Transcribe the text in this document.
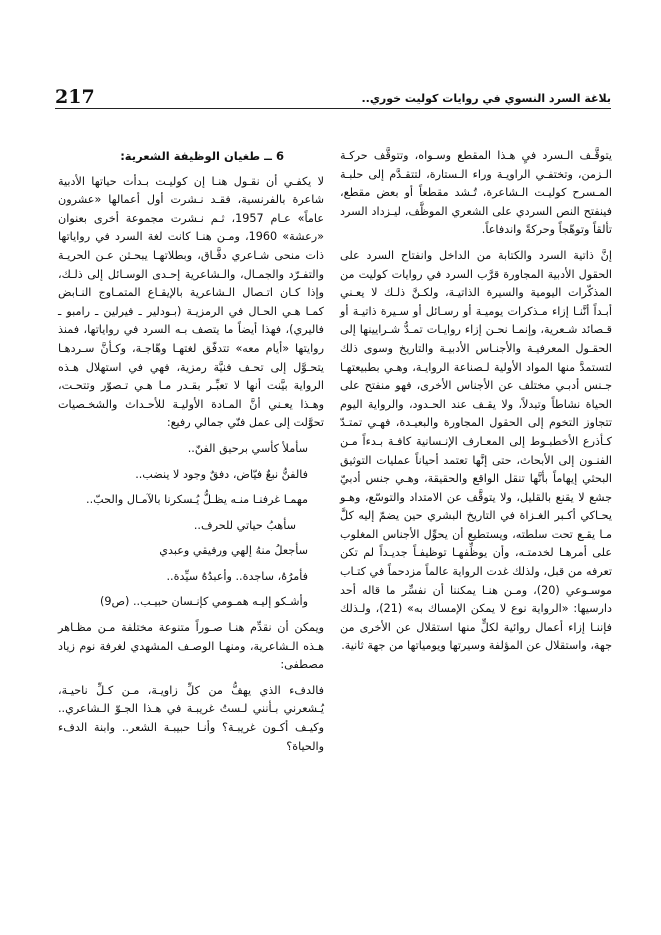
217	بلاغة السرد النسوي في روايات كوليت خوري..

يتوقَّـف الـسرد فيِ هـذا المقطع وسـواه، وتتوقَّف حركـة الـزمن، وتختفـي الراويـة وراء الـستارة، لتتقـدَّم إلى حلبـة المـسرح كوليـت الـشاعرة، تُـشد مقطعاً أو بعض مقطع، فينفتح النص السردي على الشعري الموظَّف، ليـزداد السرد تألقاً وتوهّجاً وحركةً واندفاعاً.

إنَّ ذاتية السرد والكتابة من الداخل وانفتاح السرد على الحقول الأدبية المجاورة قرَّب السرد في روايات كوليت من المذكّرات اليومية والسيرة الذاتيـة، ولكـنَّ ذلـك لا يعـني أبـداً أنَّنـا إزاء مـذكرات يوميـة أو رسـائل أو سـيرة ذاتيـة أو قـصائد شـعرية، وإنمـا نحـن إزاء روايـات تمـدُّ شـرايينها إلى الحقـول المعرفيـة والأجنـاس الأدبيـة والتاريخ وسوى ذلك لتستمدَّ منها المواد الأولية لـصناعة الروايـة، وهـي بطبيعتهـا جـنس أدبـي مختلف عن الأجناس الأخرى، فهو منفتح على الحياة نشاطاً وتبدلاً، ولا يقـف عند الحـدود، والرواية اليوم تتجاوز التخوم إلى الحقول المجاورة والبعيـدة، فهـي تمتـدّ كـأذرع الأخطبـوط إلى المعـارف الإنـسانية كافـة بـدءاً مـن الفنـون إلى الأبحاث، حتى إنَّها تعتمد أحياناً عمليات التوثيق البحثي إيهاماً بأنَّها تنقل الواقع والحقيقة، وهـي جنس أدبيّ جشع لا يقنع بالقليل، ولا يتوقَّف عن الامتداد والتوسّع، وهـو يحـاكي أكـبر الغـزاة في التاريخ البشري حين يضمّ إليه كلَّ مـا يقـع تحت سلطته، ويستطيع أن يحوِّل الأجناس المغلوب على أمرهـا لخدمتـه، وأن يوظِّفهـا توظيفـاً جديـداً لم تكن تعرفه من قبل، ولذلك غدت الرواية عالماً مزدحماً في كتـاب موسـوعي (20)، ومـن هنـا يمكننا أن نفسِّر ما قاله أحد دارسيها: «الرواية نوع لا يمكن الإمساك به» (21)، ولـذلك فإننـا إزاء أعمال روائية لكلٍّ منها استقلال عن الأخرى من جهة، واستقلال عن المؤلفة وسيرتها ويومياتها من جهة ثانية.

6 ــ طغيان الوظيفة الشعرية:

لا يكفـي أن نقـول هنـا إن كوليـت بـدأت حياتها الأدبية شاعرة بالفرنسية، فقـد نـشرت أول أعمالها «عشرون عاماً» عـام 1957، ثـم نـشرت مجموعة أخرى بعنوان «رعشة» 1960، ومـن هنـا كانت لغة السرد في رواياتها ذات منحى شـاعري دفَّـاق، وبطلاتهـا يبحـثن عـن الحريـة والتفـرّد والجمـال، والـشاعرية إحـدى الوسـائل إلى ذلـك، وإذا كـان اتـصال الـشاعرية بالإيقـاع المتمـاوج النـابض كمـا هـي الحـال في الرمزيـة (بـودلير ـ فيرلين ـ رامبو ـ فاليري)، فهذا أيضاً ما يتصف بـه السرد في رواياتها، فمنذ روايتها «أيام معه» تتدفّق لغتهـا وهّاجـة، وكـأنَّ سـردهـا يتحـوَّل إلى تحـف فنيَّة رمزية، فهي في استهلال هـذه الرواية بيَّنت أنها لا تعبِّـر بقـدر مـا هـي تـصوّر وتتحـت، وهـذا يعـني أنَّ المـادة الأوليـة للأحـداث والشخـصيات تحوَّلت إلى عمل فنّي جمالي رفيع:

سأملأ كأسي برحيق الفنّ..

فالفنُّ نبعٌ فيّاض، دفقٌ وجود لا ينضب..

مهمـا غرفنـا منـه يظـلُّ يُـسكرنا بالآمـال والحبّ..

سأهبُ حياتي للحرف..

سأجعلُ منهُ إلهي ورفيقي وعبدي

فأمرُهُ، ساجدة.. وأعبدُهُ سيِّدة..

وأشـكو إليـه همـومي كإنـسان حبيـب.. (ص9)

ويمكن أن نقدِّم هنـا صـوراً متنوعة مختلفة مـن مظـاهر هـذه الـشاعرية، ومنهـا الوصـف المشهدي لغرفة نوم زياد مصطفى:

فالدفء الذي يهفُّ من كلِّ زاويـة، مـن كـلِّ ناحيـة، يُـشعرني بـأنني لـستُ غريبـة في هـذا الجـوّ الـشاعري.. وكيـف أكـون غريبـة؟ وأنـا حبيبـة الشعر.. وابنة الدفء والحياة؟
